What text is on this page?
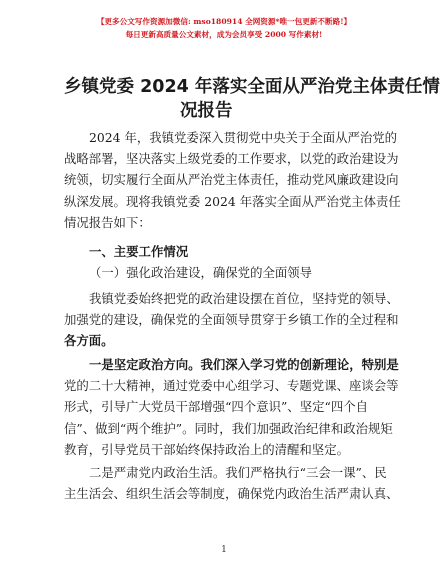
【更多公文写作资源加微信: mso180914 全网资源*唯一包更新不断路!】
每日更新高质量公文素材，成为会员享受 2000 写作素材!
乡镇党委 2024 年落实全面从严治党主体责任情
况报告
2024 年，我镇党委深入贯彻党中央关于全面从严治党的
战略部署，坚决落实上级党委的工作要求，以党的政治建设为
统领，切实履行全面从严治党主体责任，推动党风廉政建设向
纵深发展。现将我镇党委 2024 年落实全面从严治党主体责任
情况报告如下：
一、主要工作情况
（一）强化政治建设，确保党的全面领导
我镇党委始终把党的政治建设摆在首位，坚持党的领导、
加强党的建设，确保党的全面领导贯穿于乡镇工作的全过程和
各方面。
一是坚定政治方向。我们深入学习党的创新理论，特别是
党的二十大精神，通过党委中心组学习、专题党课、座谈会等
形式，引导广大党员干部增强“四个意识”、坚定“四个自
信”、做到“两个维护”。同时，我们加强政治纪律和政治规矩
教育，引导党员干部始终保持政治上的清醒和坚定。
二是严肃党内政治生活。我们严格执行“三会一课”、民
主生活会、组织生活会等制度，确保党内政治生活严肃认真、
1
